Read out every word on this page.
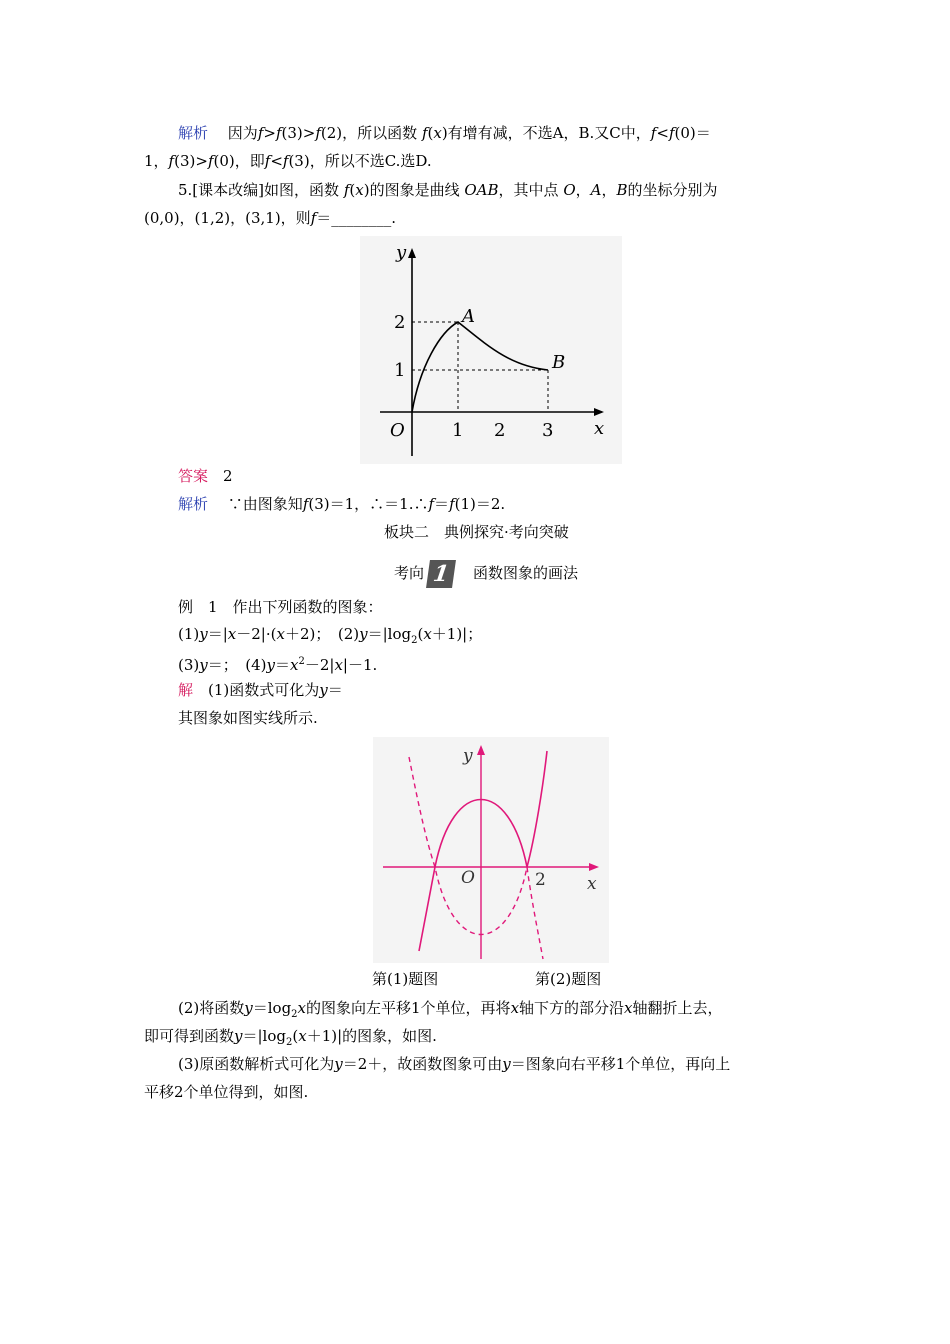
解析　 因为f>f(3)>f(2)，所以函数 f(x)有增有减，不选A，B.又C中，f<f(0)＝
1，f(3)>f(0)，即f<f(3)，所以不选C.选D.
5.[课本改编]如图，函数 f(x)的图象是曲线 OAB，其中点 O，A，B的坐标分别为
(0,0)，(1,2)，(3,1)，则f＝________.
y
x
O
A
B
1 2 3
2
1
答案　 2
解析　 ∵由图象知f(3)＝1，∴＝1.∴f＝f(1)＝2.
板块二　典例探究·考向突破
考向 1　 函数图象的画法
例　1　作出下列函数的图象：
(1)y＝|x－2|·(x＋2)；　$(2)y=|\log_2(x+1)|$；
(3)y＝；　$(4)y=x^2-2|x|-1$.
解　 (1)函数式可化为y＝
其图象如图实线所示.
y
x
O	2
第(1)题图	第(2)题图
(2)将函数$y=\log_2x$的图象向左平移1个单位，再将x轴下方的部分沿x轴翻折上去，
即可得到函数$y=|\log_2(x+1)|$的图象，如图.
(3)原函数解析式可化为y＝2＋，故函数图象可由y＝图象向右平移1个单位，再向上
平移2个单位得到，如图.
